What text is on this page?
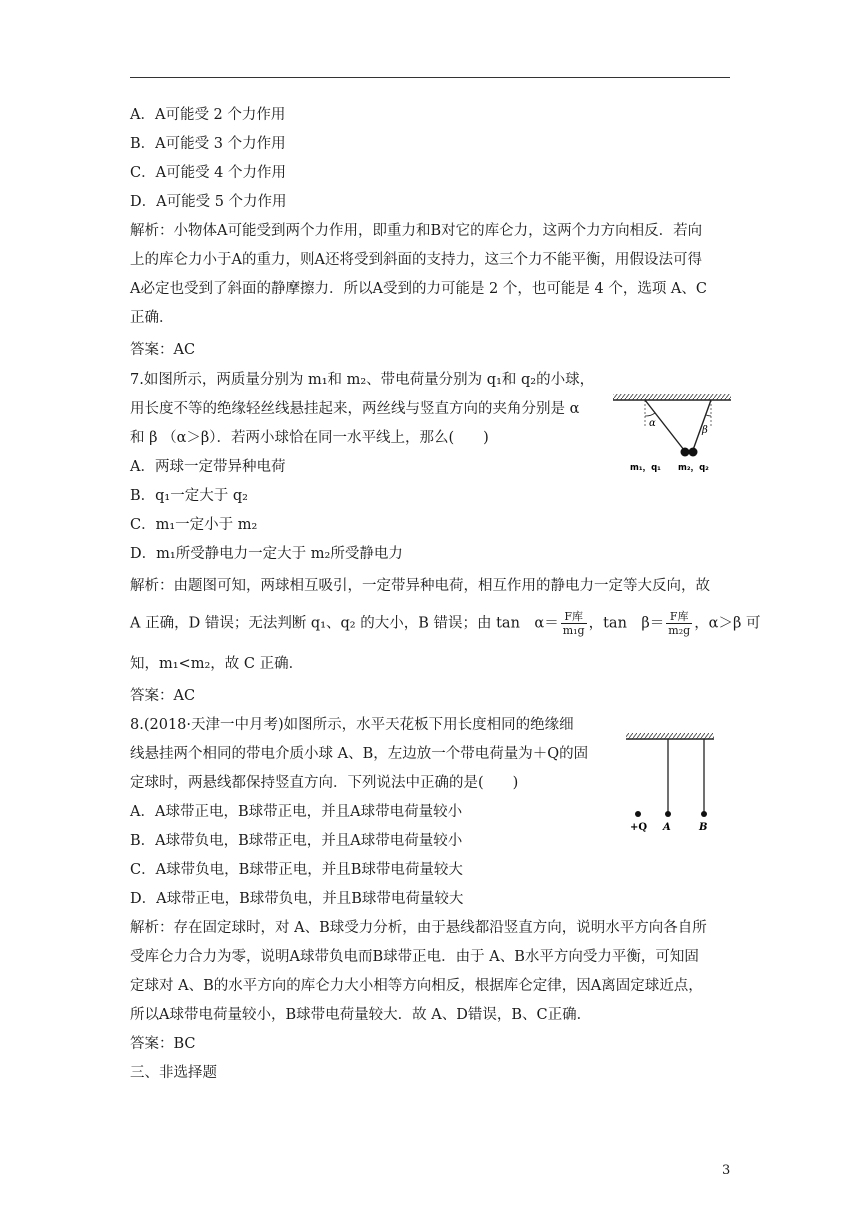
A．A可能受 2 个力作用
B．A可能受 3 个力作用
C．A可能受 4 个力作用
D．A可能受 5 个力作用
解析：小物体A可能受到两个力作用，即重力和B对它的库仑力，这两个力方向相反．若向
上的库仑力小于A的重力，则A还将受到斜面的支持力，这三个力不能平衡，用假设法可得
A必定也受到了斜面的静摩擦力．所以A受到的力可能是 2 个，也可能是 4 个，选项 A、C
正确．
答案：AC
7.如图所示，两质量分别为 m₁和 m₂、带电荷量分别为 q₁和 q₂的小球，
用长度不等的绝缘轻丝线悬挂起来，两丝线与竖直方向的夹角分别是 α
和 β （α＞β）．若两小球恰在同一水平线上，那么(　　)
A．两球一定带异种电荷
B．q₁一定大于 q₂
C．m₁一定小于 m₂
D．m₁所受静电力一定大于 m₂所受静电力
解析：由题图可知，两球相互吸引，一定带异种电荷，相互作用的静电力一定等大反向，故
A 正确，D 错误；无法判断 q₁、q₂ 的大小，B 错误；由 tan　$\alpha= \frac{\text{F库}}{\text{m₁g}}$ ，tan　$\beta= \frac{\text{F库}}{\text{m₂g}}$ ，α＞β 可
知，m₁<m₂，故 C 正确．
答案：AC
α
β
m₁，q₁ m₂，q₂
8.(2018·天津一中月考)如图所示，水平天花板下用长度相同的绝缘细
线悬挂两个相同的带电介质小球 A、B，左边放一个带电荷量为＋Q的固
定球时，两悬线都保持竖直方向．下列说法中正确的是(　　)
A．A球带正电，B球带正电，并且A球带电荷量较小
B．A球带负电，B球带正电，并且A球带电荷量较小
C．A球带负电，B球带正电，并且B球带电荷量较大
D．A球带正电，B球带负电，并且B球带电荷量较大
解析：存在固定球时，对 A、B球受力分析，由于悬线都沿竖直方向，说明水平方向各自所
受库仑力合力为零，说明A球带负电而B球带正电．由于 A、B水平方向受力平衡，可知固
定球对 A、B的水平方向的库仑力大小相等方向相反，根据库仑定律，因A离固定球近点，
所以A球带电荷量较小，B球带电荷量较大．故 A、D错误，B、C正确．
答案：BC
三、非选择题
+Q A	B
3
